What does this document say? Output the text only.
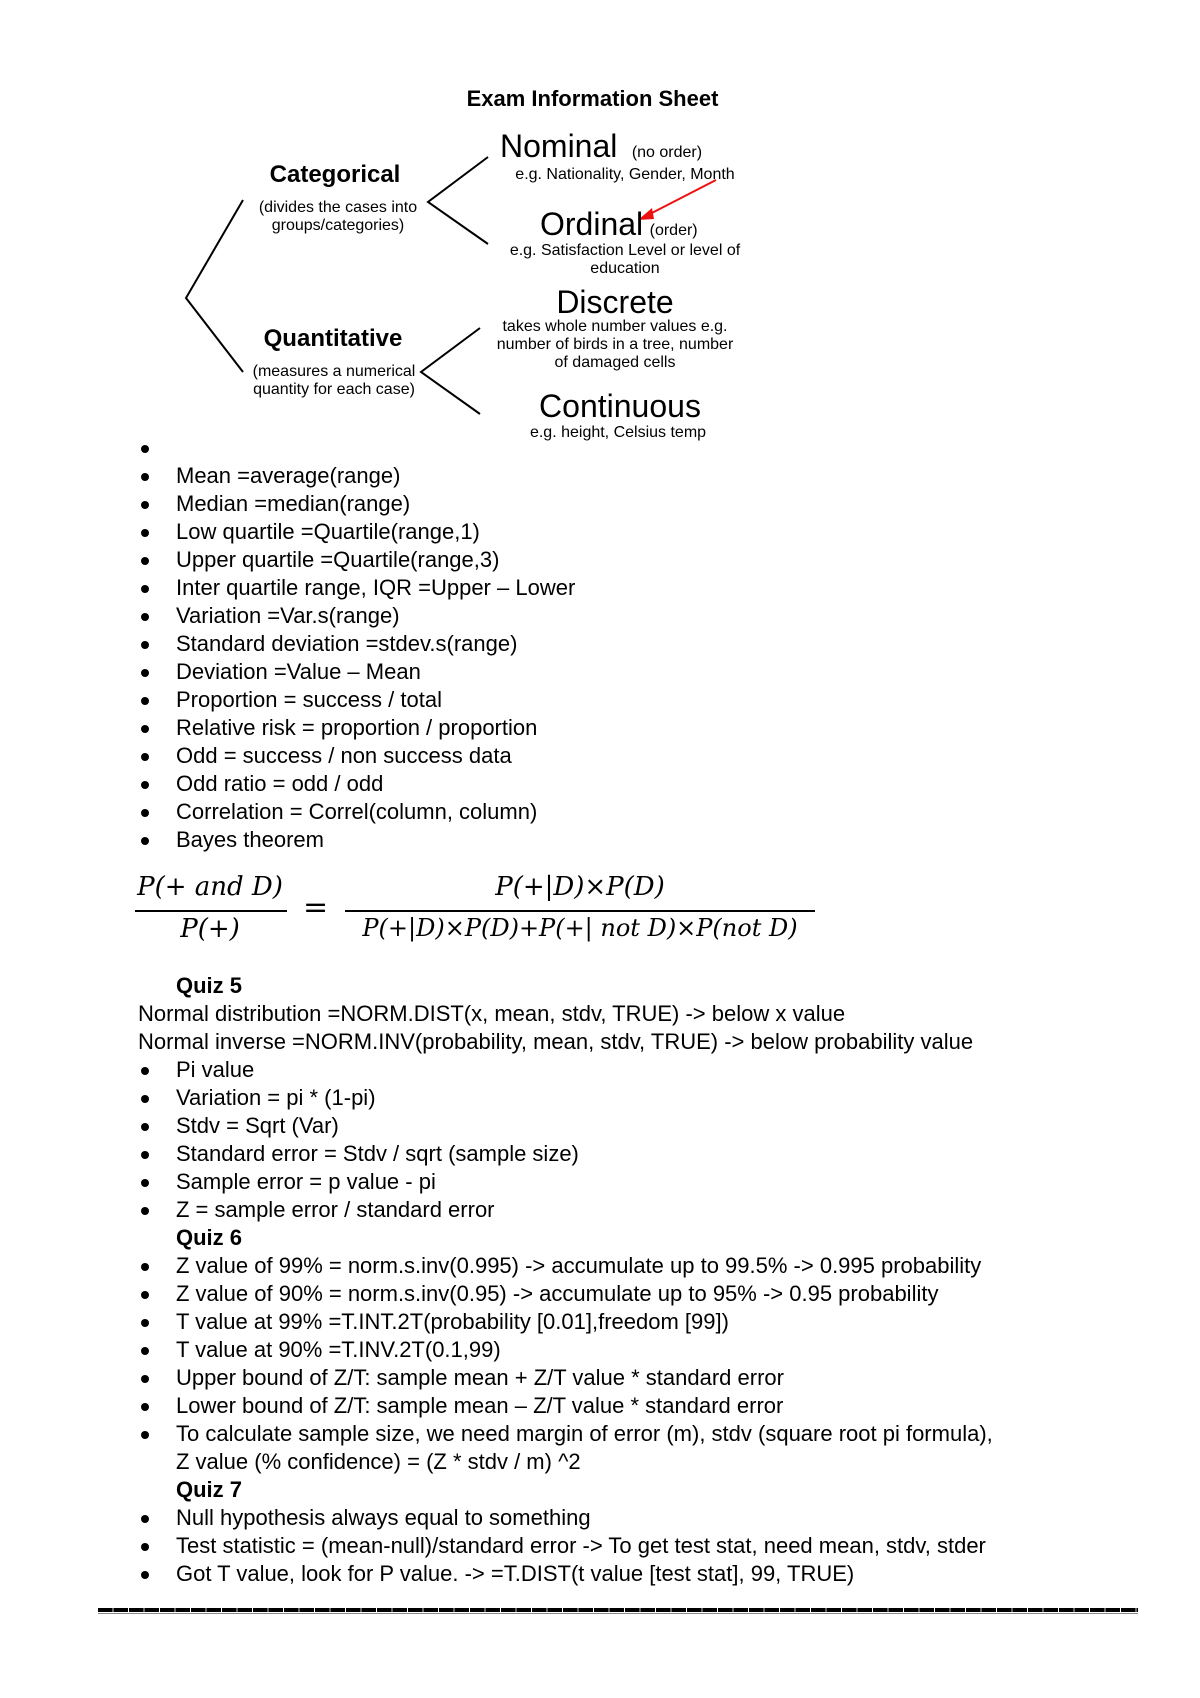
Exam Information Sheet
Categorical
(divides the cases into groups/categories)
Quantitative
(measures a numerical quantity for each case)
Nominal (no order)
e.g. Nationality, Gender, Month
Ordinal (order)
e.g. Satisfaction Level or level of education
Discrete
takes whole number values e.g. number of birds in a tree, number of damaged cells
Continuous
e.g. height, Celsius temp
Mean =average(range)
Median =median(range)
Low quartile =Quartile(range,1)
Upper quartile =Quartile(range,3)
Inter quartile range, IQR =Upper – Lower
Variation =Var.s(range)
Standard deviation =stdev.s(range)
Deviation =Value – Mean
Proportion = success / total
Relative risk = proportion / proportion
Odd = success / non success data
Odd ratio = odd / odd
Correlation = Correl(column, column)
Bayes theorem
P(+ and D)
P(+)
=
P(+|D)×P(D)
P(+|D)×P(D)+P(+| not D)×P(not D)
Quiz 5
Normal distribution =NORM.DIST(x, mean, stdv, TRUE) -> below x value
Normal inverse =NORM.INV(probability, mean, stdv, TRUE) -> below probability value
Pi value
Variation = pi * (1-pi)
Stdv = Sqrt (Var)
Standard error = Stdv / sqrt (sample size)
Sample error = p value - pi
Z = sample error / standard error
Quiz 6
Z value of 99% = norm.s.inv(0.995) -> accumulate up to 99.5% -> 0.995 probability
Z value of 90% = norm.s.inv(0.95) -> accumulate up to 95% -> 0.95 probability
T value at 99% =T.INT.2T(probability [0.01],freedom [99])
T value at 90% =T.INV.2T(0.1,99)
Upper bound of Z/T: sample mean + Z/T value * standard error
Lower bound of Z/T: sample mean – Z/T value * standard error
To calculate sample size, we need margin of error (m), stdv (square root pi formula),
Z value (% confidence) = (Z * stdv / m) ^2
Quiz 7
Null hypothesis always equal to something
Test statistic = (mean-null)/standard error -> To get test stat, need mean, stdv, stder
Got T value, look for P value. -> =T.DIST(t value [test stat], 99, TRUE)
